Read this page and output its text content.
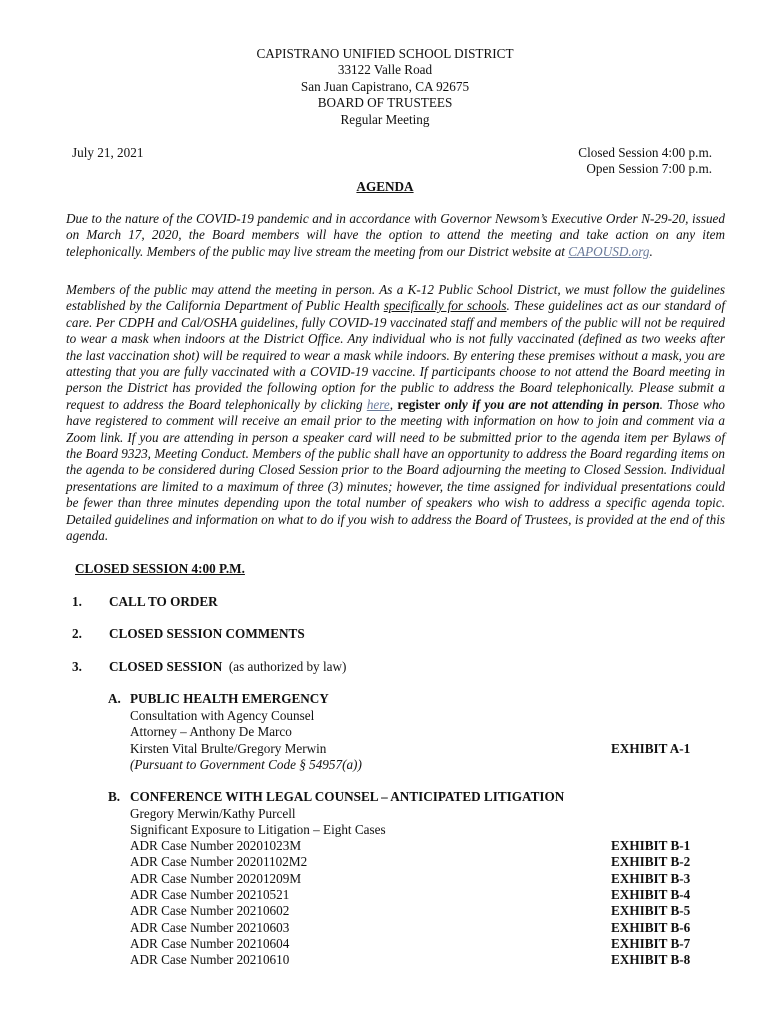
CAPISTRANO UNIFIED SCHOOL DISTRICT
33122 Valle Road
San Juan Capistrano, CA 92675
BOARD OF TRUSTEES
Regular Meeting
July 21, 2021	Closed Session 4:00 p.m.
Open Session 7:00 p.m.
AGENDA
Due to the nature of the COVID-19 pandemic and in accordance with Governor Newsom’s Executive Order N-29-20, issued on March 17, 2020, the Board members will have the option to attend the meeting and take action on any item telephonically. Members of the public may live stream the meeting from our District website at CAPOUSD.org.
Members of the public may attend the meeting in person. As a K-12 Public School District, we must follow the guidelines established by the California Department of Public Health specifically for schools. These guidelines act as our standard of care. Per CDPH and Cal/OSHA guidelines, fully COVID-19 vaccinated staff and members of the public will not be required to wear a mask when indoors at the District Office. Any individual who is not fully vaccinated (defined as two weeks after the last vaccination shot) will be required to wear a mask while indoors. By entering these premises without a mask, you are attesting that you are fully vaccinated with a COVID-19 vaccine. If participants choose to not attend the Board meeting in person the District has provided the following option for the public to address the Board telephonically. Please submit a request to address the Board telephonically by clicking here, register only if you are not attending in person. Those who have registered to comment will receive an email prior to the meeting with information on how to join and comment via a Zoom link. If you are attending in person a speaker card will need to be submitted prior to the agenda item per Bylaws of the Board 9323, Meeting Conduct. Members of the public shall have an opportunity to address the Board regarding items on the agenda to be considered during Closed Session prior to the Board adjourning the meeting to Closed Session. Individual presentations are limited to a maximum of three (3) minutes; however, the time assigned for individual presentations could be fewer than three minutes depending upon the total number of speakers who wish to address a specific agenda topic. Detailed guidelines and information on what to do if you wish to address the Board of Trustees, is provided at the end of this agenda.
CLOSED SESSION 4:00 P.M.
1. CALL TO ORDER
2. CLOSED SESSION COMMENTS
3. CLOSED SESSION (as authorized by law)
A. PUBLIC HEALTH EMERGENCY
Consultation with Agency Counsel
Attorney – Anthony De Marco
Kirsten Vital Brulte/Gregory Merwin	EXHIBIT A-1
(Pursuant to Government Code § 54957(a))
B. CONFERENCE WITH LEGAL COUNSEL – ANTICIPATED LITIGATION
Gregory Merwin/Kathy Purcell
Significant Exposure to Litigation – Eight Cases
ADR Case Number 20201023M	EXHIBIT B-1
ADR Case Number 20201102M2	EXHIBIT B-2
ADR Case Number 20201209M	EXHIBIT B-3
ADR Case Number 20210521	EXHIBIT B-4
ADR Case Number 20210602	EXHIBIT B-5
ADR Case Number 20210603	EXHIBIT B-6
ADR Case Number 20210604	EXHIBIT B-7
ADR Case Number 20210610	EXHIBIT B-8
